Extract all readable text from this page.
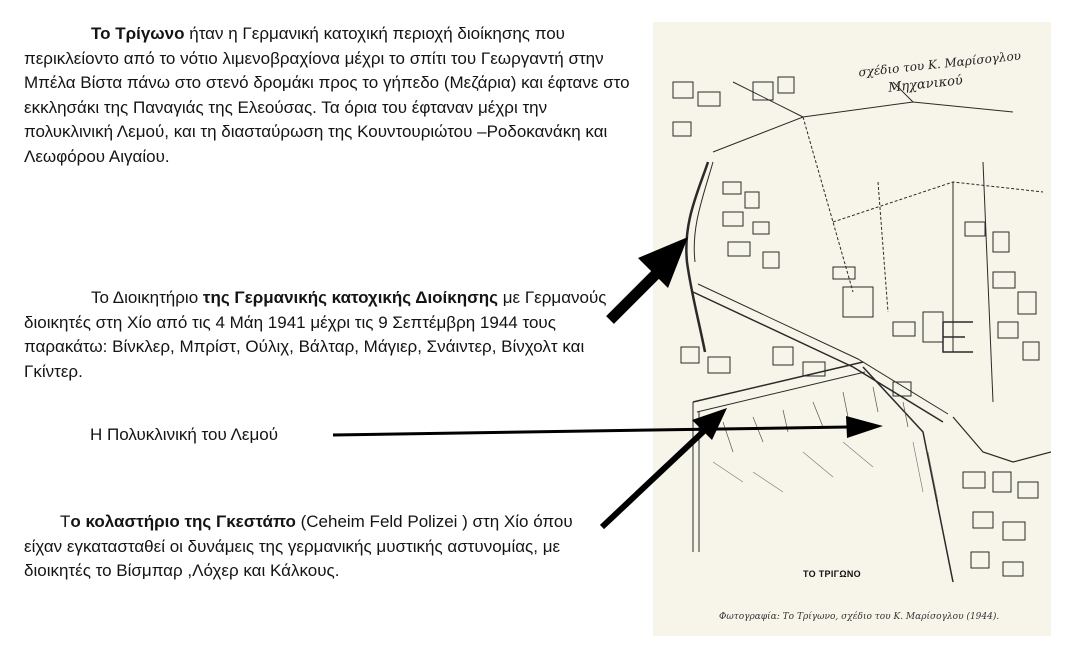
Το Τρίγωνο ήταν η Γερμανική κατοχική περιοχή διοίκησης που περικλείοντο από το νότιο λιμενοβραχίονα μέχρι το σπίτι του Γεωργαντή στην Μπέλα Βίστα πάνω στο στενό δρομάκι προς το γήπεδο (Μεζάρια) και έφτανε στο εκκλησάκι της Παναγιάς της Ελεούσας. Τα όρια του έφταναν μέχρι την πολυκλινική Λεμού, και τη διασταύρωση της Κουντουριώτου –Ροδοκανάκη και Λεωφόρου Αιγαίου.

Το Διοικητήριο της Γερμανικής κατοχικής Διοίκησης με Γερμανούς διοικητές στη Χίο από τις 4 Μάη 1941 μέχρι τις 9 Σεπτέμβρη 1944 τους παρακάτω: Βίνκλερ, Μπρίστ, Ούλιχ, Βάλταρ, Μάγιερ, Σνάιντερ, Βίνχολτ και Γκίντερ.

Η Πολυκλινική του Λεμού

Το κολαστήριο της Γκεστάπο (Ceheim Feld Polizei ) στη Χίο όπου είχαν εγκατασταθεί οι δυνάμεις της γερμανικής μυστικής αστυνομίας, με διοικητές το Βίσμπαρ ,Λόχερ και Κάλκους.

σχέδιο του Κ. Μαρίσογλου
Μηχανικού
ΤΟ ΤΡΙΓΩΝΟ
Φωτογραφία: Το Τρίγωνο, σχέδιο του Κ. Μαρίσογλου (1944).
